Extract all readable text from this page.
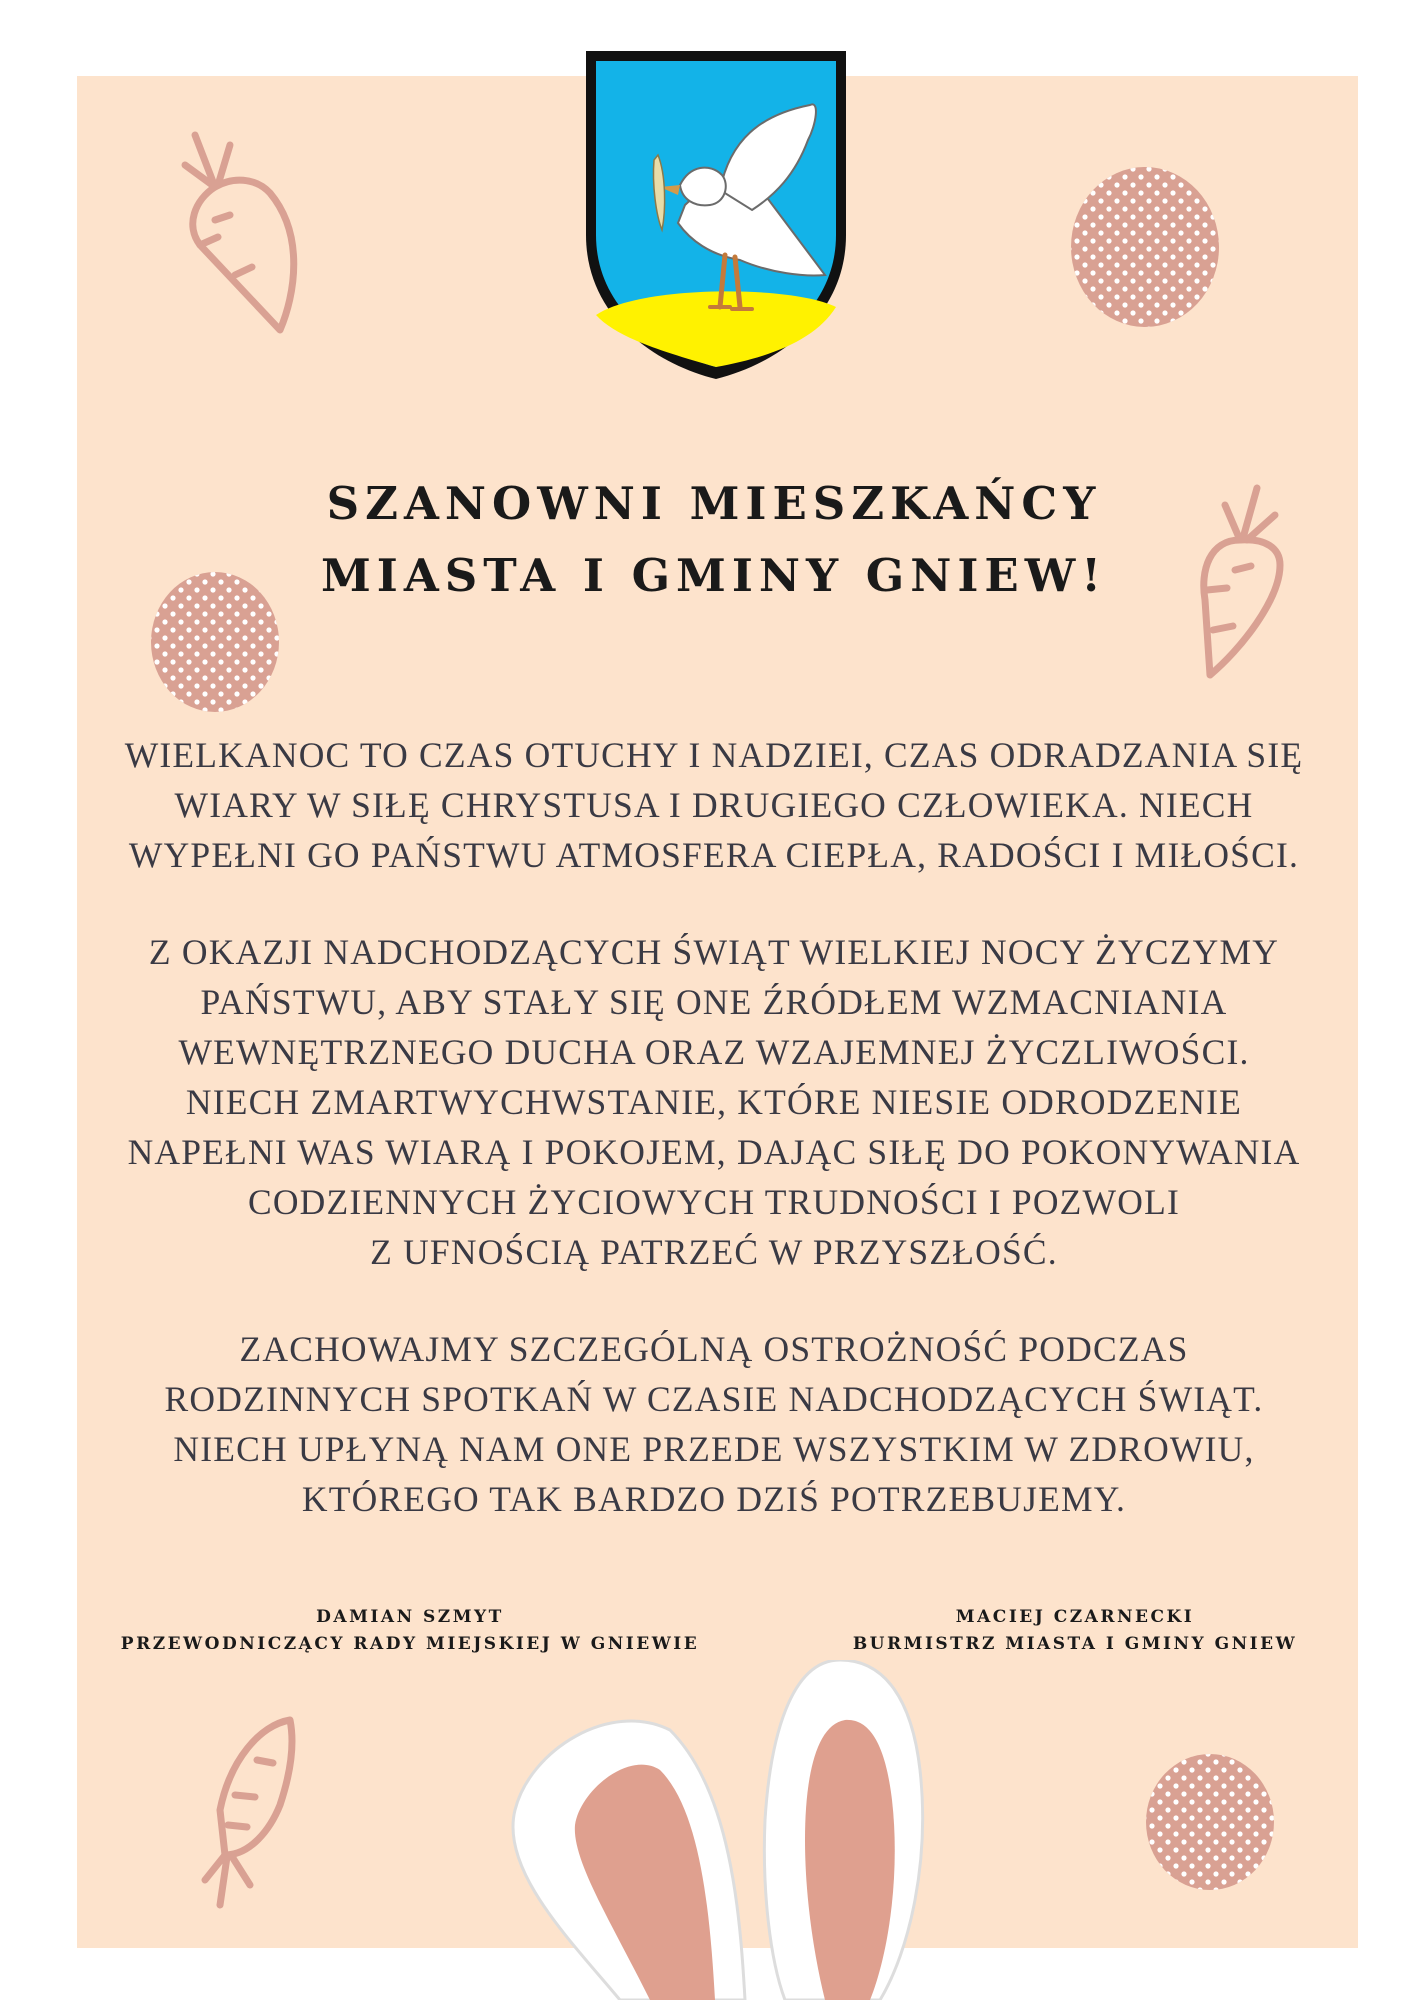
SZANOWNI MIESZKAŃCY
MIASTA I GMINY GNIEW!
WIELKANOC TO CZAS OTUCHY I NADZIEI, CZAS ODRADZANIA SIĘ
WIARY W SIŁĘ CHRYSTUSA I DRUGIEGO CZŁOWIEKA. NIECH
WYPEŁNI GO PAŃSTWU ATMOSFERA CIEPŁA, RADOŚCI I MIŁOŚCI.
Z OKAZJI NADCHODZĄCYCH ŚWIĄT WIELKIEJ NOCY ŻYCZYMY
PAŃSTWU, ABY STAŁY SIĘ ONE ŹRÓDŁEM WZMACNIANIA
WEWNĘTRZNEGO DUCHA ORAZ WZAJEMNEJ ŻYCZLIWOŚCI.
NIECH ZMARTWYCHWSTANIE, KTÓRE NIESIE ODRODZENIE
NAPEŁNI WAS WIARĄ I POKOJEM, DAJĄC SIŁĘ DO POKONYWANIA
CODZIENNYCH ŻYCIOWYCH TRUDNOŚCI I POZWOLI
Z UFNOŚCIĄ PATRZEĆ W PRZYSZŁOŚĆ.
ZACHOWAJMY SZCZEGÓLNĄ OSTROŻNOŚĆ PODCZAS
RODZINNYCH SPOTKAŃ W CZASIE NADCHODZĄCYCH ŚWIĄT.
NIECH UPŁYNĄ NAM ONE PRZEDE WSZYSTKIM W ZDROWIU,
KTÓREGO TAK BARDZO DZIŚ POTRZEBUJEMY.
DAMIAN SZMYT
PRZEWODNICZĄCY RADY MIEJSKIEJ W GNIEWIE
MACIEJ CZARNECKI
BURMISTRZ MIASTA I GMINY GNIEW
